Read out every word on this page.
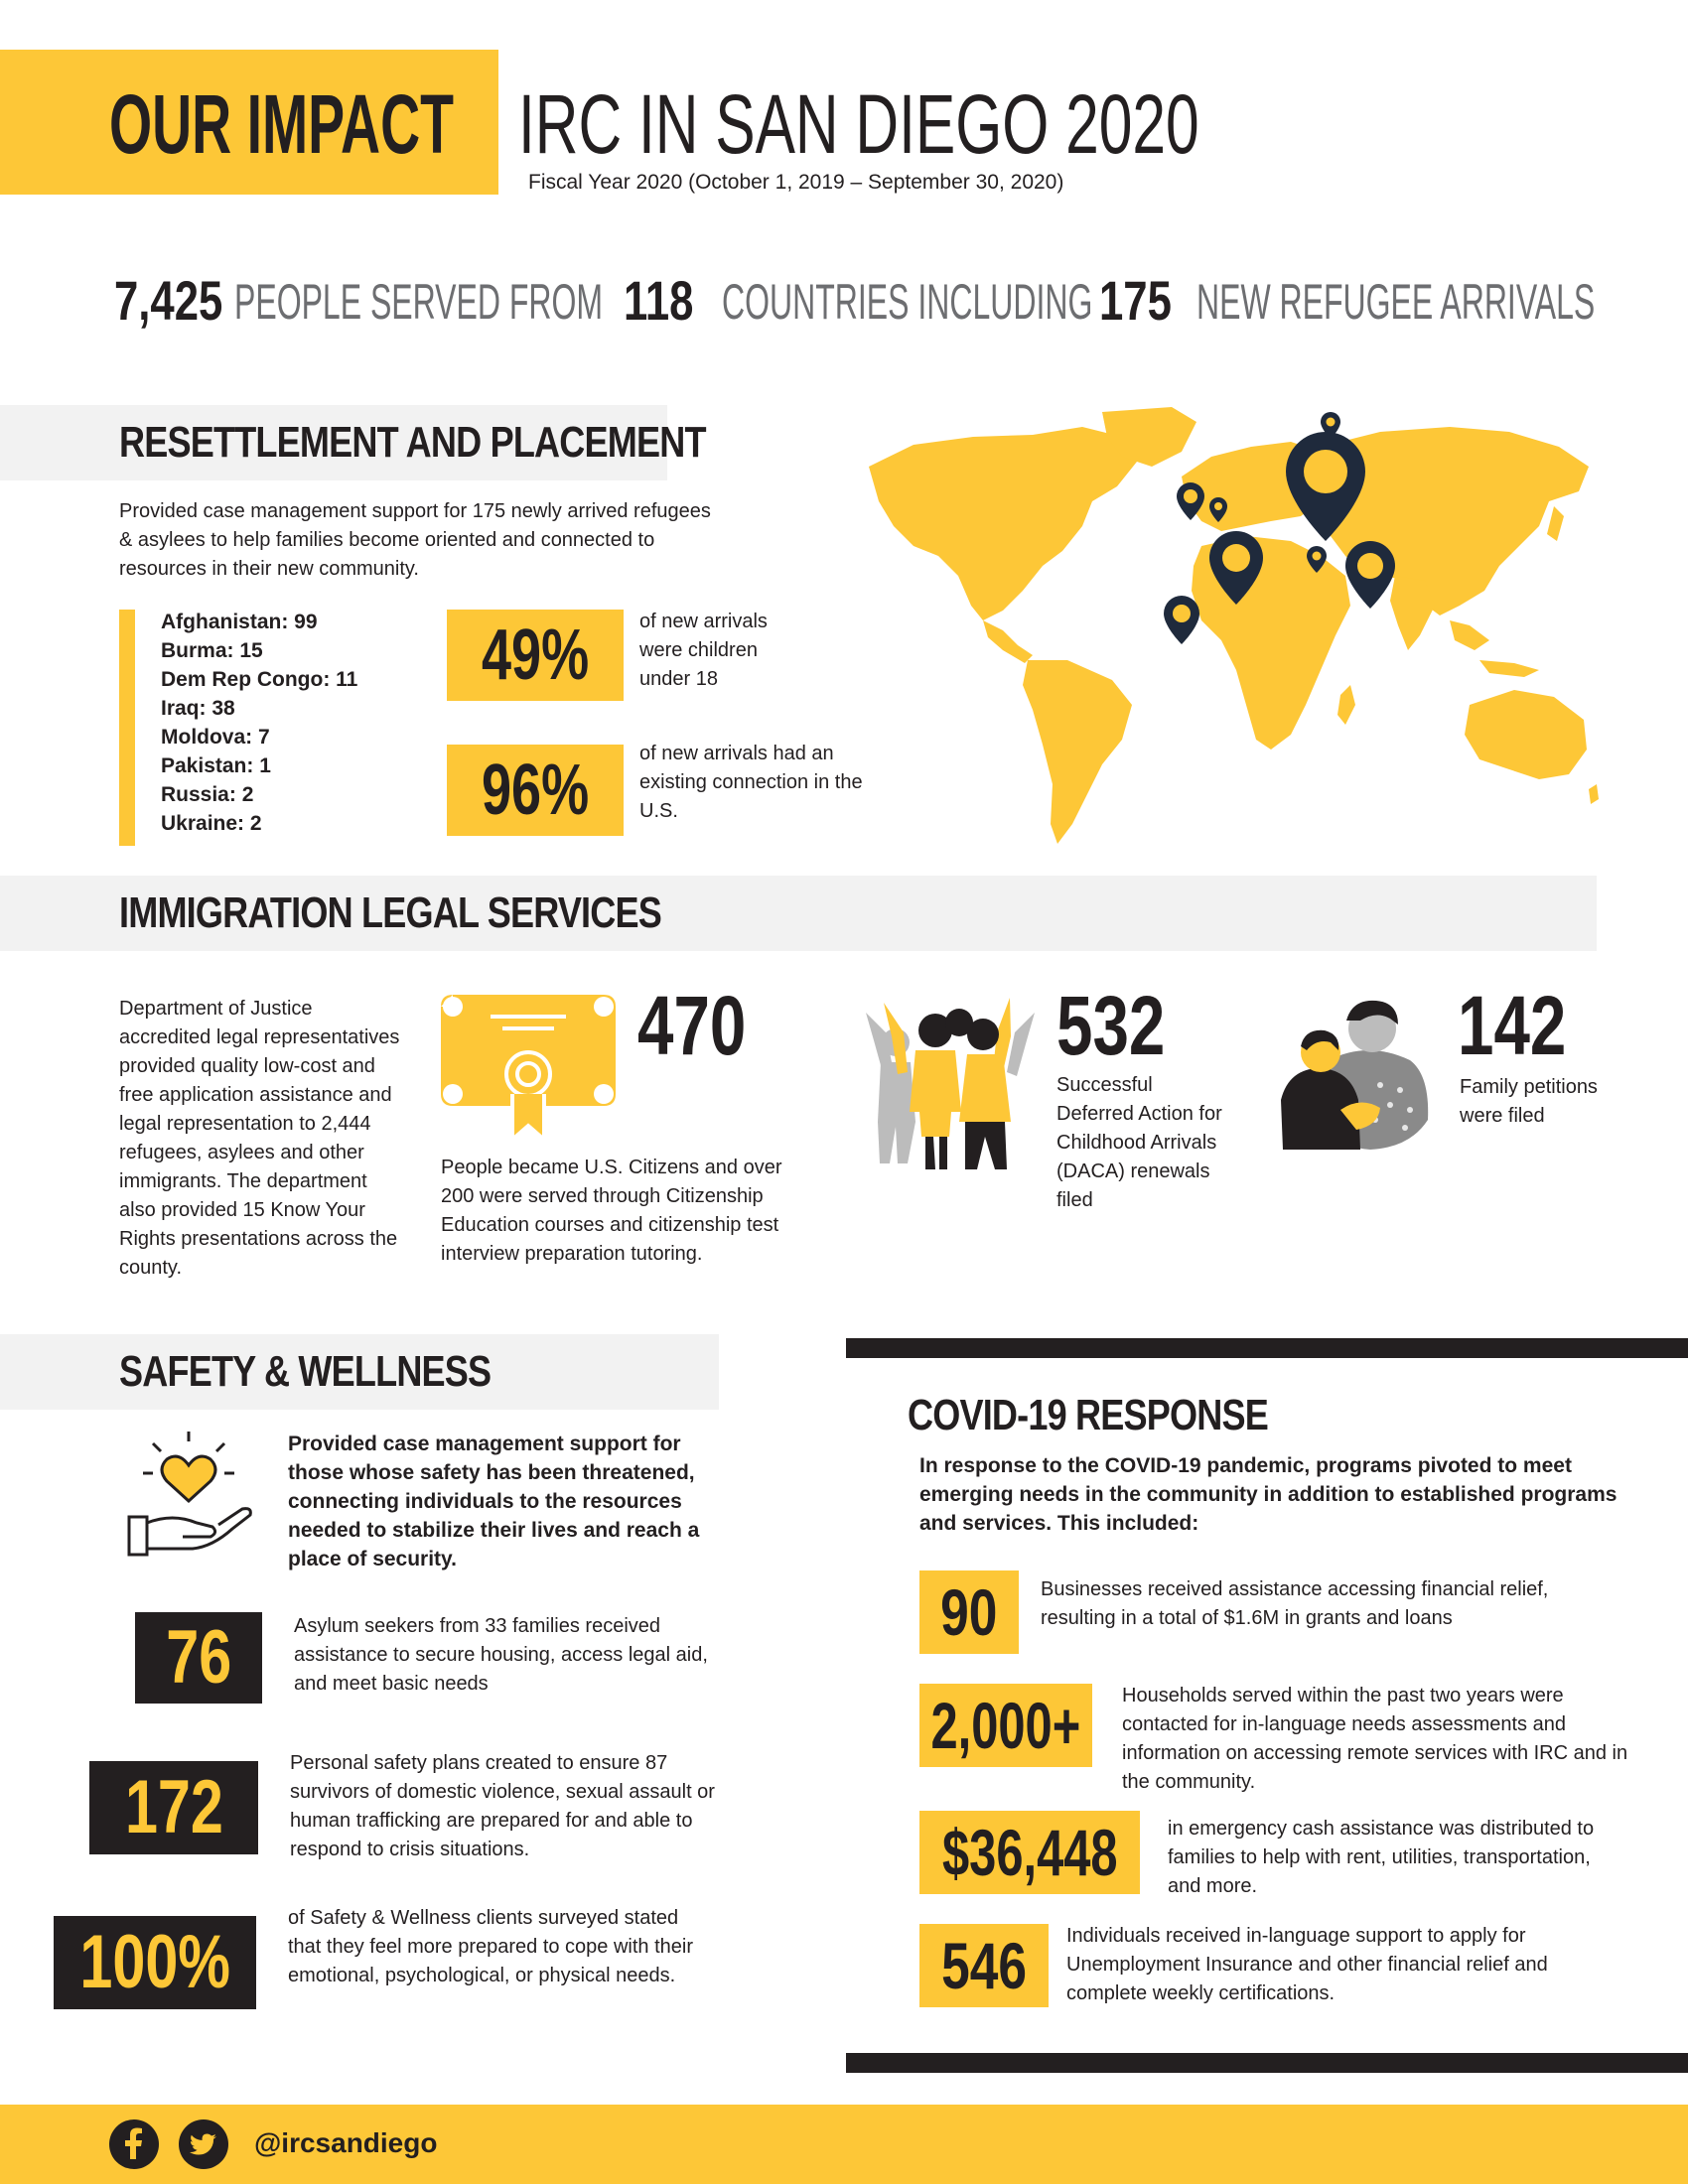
OUR IMPACT IRC IN SAN DIEGO 2020
Fiscal Year 2020 (October 1, 2019 – September 30, 2020)
7,425 PEOPLE SERVED FROM 118 COUNTRIES INCLUDING 175 NEW REFUGEE ARRIVALS
RESETTLEMENT AND PLACEMENT
Provided case management support for 175 newly arrived refugees & asylees to help families become oriented and connected to resources in their new community.
Afghanistan: 99
Burma: 15
Dem Rep Congo: 11
Iraq: 38
Moldova: 7
Pakistan: 1
Russia: 2
Ukraine: 2
49%	of new arrivals were children under 18
96%	of new arrivals had an existing connection in the U.S.
IMMIGRATION LEGAL SERVICES
Department of Justice accredited legal representatives provided quality low-cost and free application assistance and legal representation to 2,444 refugees, asylees and other immigrants. The department also provided 15 Know Your Rights presentations across the county.
470
People became U.S. Citizens and over 200 were served through Citizenship Education courses and citizenship test interview preparation tutoring.
532
Successful Deferred Action for Childhood Arrivals (DACA) renewals filed
142
Family petitions were filed
SAFETY & WELLNESS
Provided case management support for those whose safety has been threatened, connecting individuals to the resources needed to stabilize their lives and reach a place of security.
76	Asylum seekers from 33 families received assistance to secure housing, access legal aid, and meet basic needs
172
Personal safety plans created to ensure 87 survivors of domestic violence, sexual assault or human trafficking are prepared for and able to respond to crisis situations.
100%
of Safety & Wellness clients surveyed stated that they feel more prepared to cope with their emotional, psychological, or physical needs.
COVID-19 RESPONSE
In response to the COVID-19 pandemic, programs pivoted to meet emerging needs in the community in addition to established programs and services. This included:
90 Businesses received assistance accessing financial relief, resulting in a total of $1.6M in grants and loans
2,000+ Households served within the past two years were contacted for in-language needs assessments and information on accessing remote services with IRC and in the community.
$36,448	in emergency cash assistance was distributed to families to help with rent, utilities, transportation, and more.
546 Individuals received in-language support to apply for Unemployment Insurance and other financial relief and complete weekly certifications.
@ircsandiego
